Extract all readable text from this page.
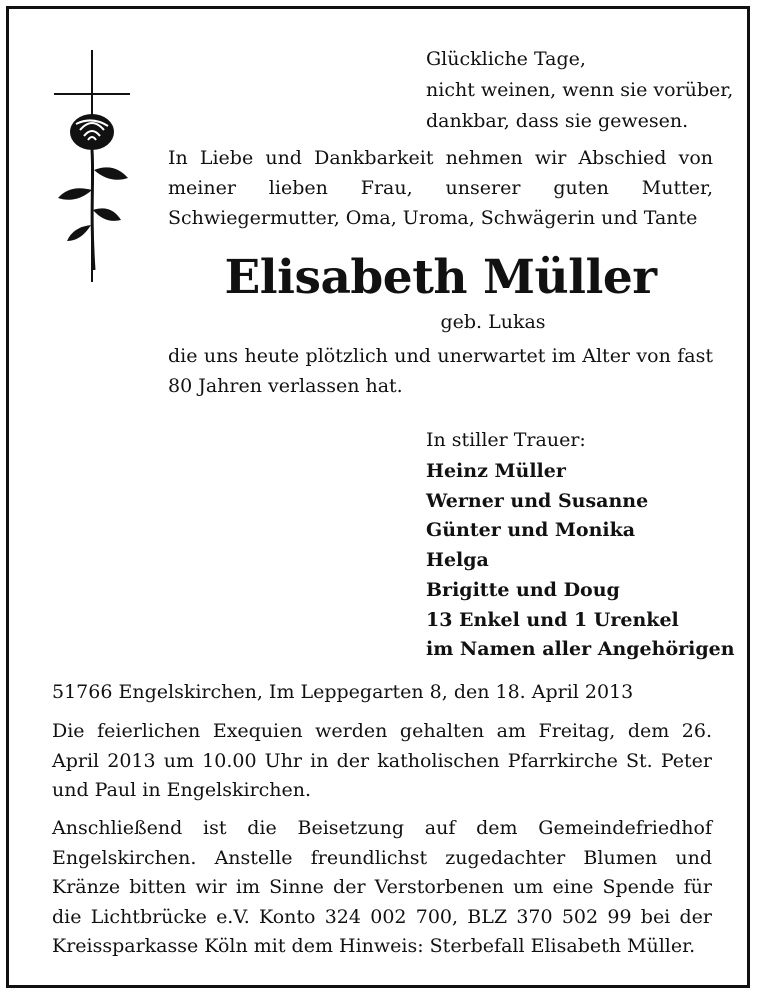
Glückliche Tage,
nicht weinen, wenn sie vorüber,
dankbar, dass sie gewesen.

In Liebe und Dankbarkeit nehmen wir Abschied von meiner lieben Frau, unserer guten Mutter, Schwiegermutter, Oma, Uroma, Schwägerin und Tante

Elisabeth Müller
geb. Lukas

die uns heute plötzlich und unerwartet im Alter von fast 80 Jahren verlassen hat.

In stiller Trauer:
Heinz Müller
Werner und Susanne
Günter und Monika
Helga
Brigitte und Doug
13 Enkel und 1 Urenkel
im Namen aller Angehörigen

51766 Engelskirchen, Im Leppegarten 8, den 18. April 2013

Die feierlichen Exequien werden gehalten am Freitag, dem 26. April 2013 um 10.00 Uhr in der katholischen Pfarrkirche St. Peter und Paul in Engelskirchen.

Anschließend ist die Beisetzung auf dem Gemeindefriedhof Engelskirchen. Anstelle freundlichst zugedachter Blumen und Kränze bitten wir im Sinne der Verstorbenen um eine Spende für die Lichtbrücke e.V. Konto 324 002 700, BLZ 370 502 99 bei der Kreissparkasse Köln mit dem Hinweis: Sterbefall Elisabeth Müller.
